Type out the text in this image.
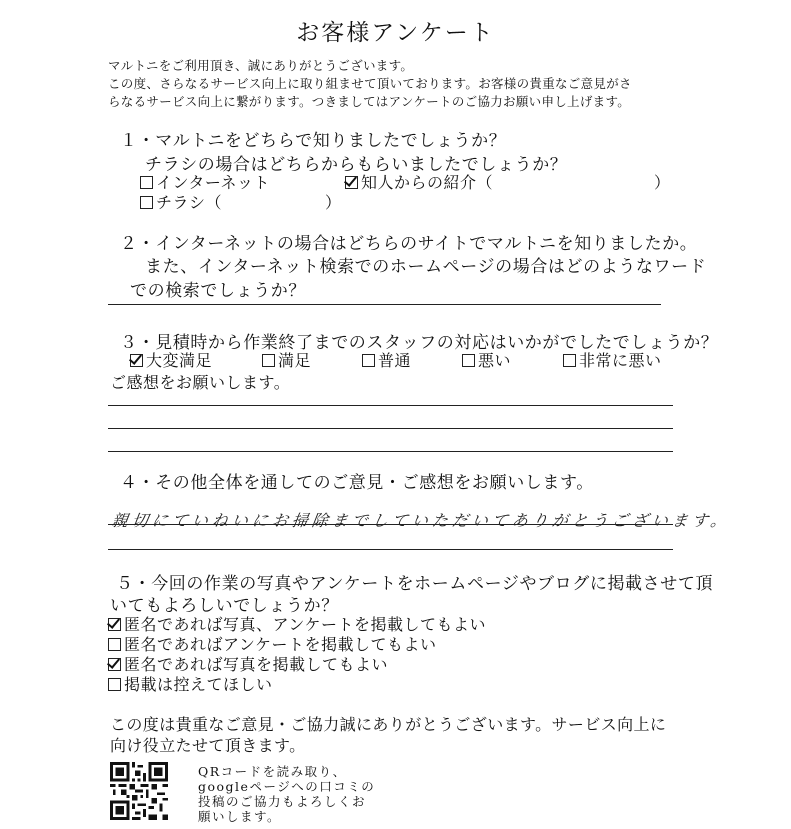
お客様アンケート
マルトニをご利用頂き、誠にありがとうございます。
この度、さらなるサービス向上に取り組ませて頂いております。お客様の貴重なご意見がさ
らなるサービス向上に繋がります。つきましてはアンケートのご協力お願い申し上げます。
１・マルトニをどちらで知りましたでしょうか？
チラシの場合はどちらからもらいましたでしょうか？
インターネット	知人からの紹介（	）
チラシ（	）
２・インターネットの場合はどちらのサイトでマルトニを知りましたか。
また、インターネット検索でのホームページの場合はどのようなワード
での検索でしょうか？
３・見積時から作業終了までのスタッフの対応はいかがでしたでしょうか？
大変満足	満足	普通	悪い	非常に悪い
ご感想をお願いします。
４・その他全体を通してのご意見・ご感想をお願いします。
親切にていねいにお掃除までしていただいてありがとうございます。
５・今回の作業の写真やアンケートをホームページやブログに掲載させて頂
いてもよろしいでしょうか？
匿名であれば写真、アンケートを掲載してもよい
匿名であればアンケートを掲載してもよい
匿名であれば写真を掲載してもよい
掲載は控えてほしい
この度は貴重なご意見・ご協力誠にありがとうございます。サービス向上に
向け役立たせて頂きます。
QRコードを読み取り、
googleページへの口コミの
投稿のご協力もよろしくお
願いします。
